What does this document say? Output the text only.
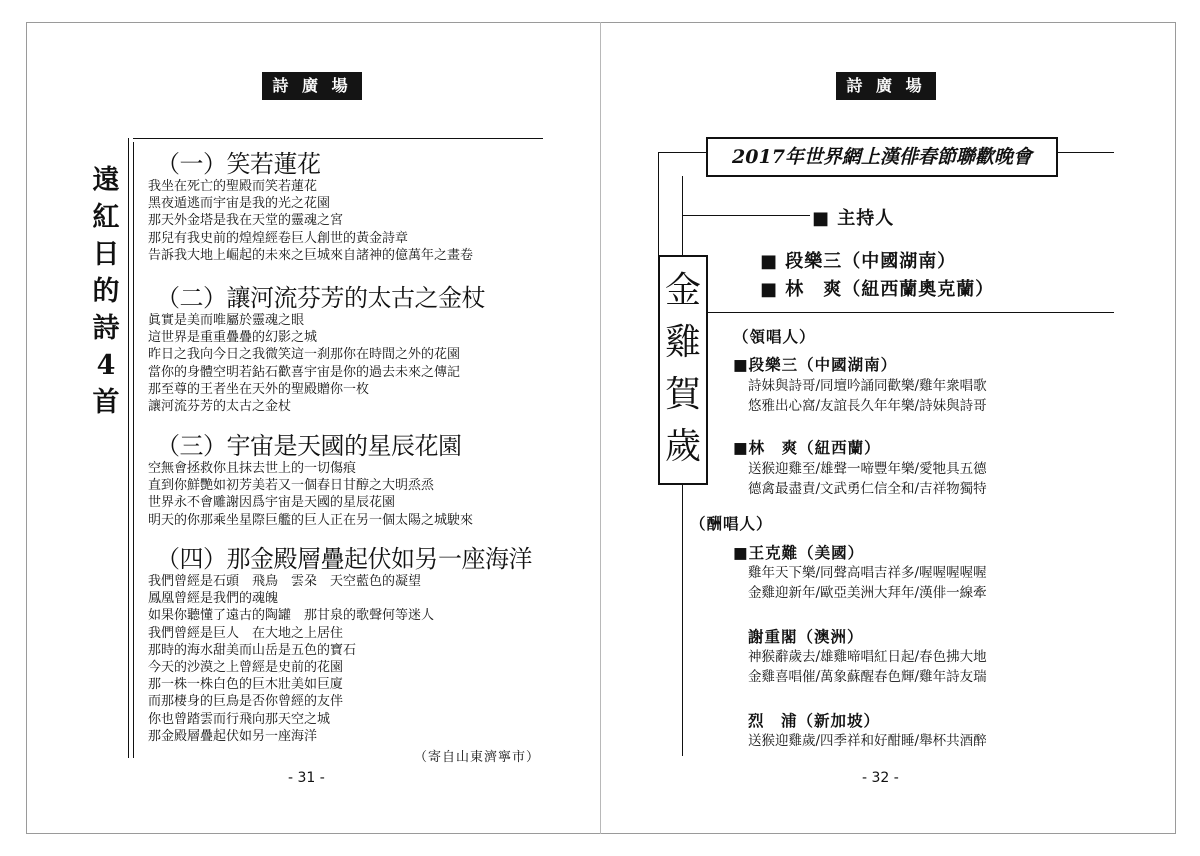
詩 廣 場
遠
紅
日
的
詩
4
首
（一）笑若蓮花
我坐在死亡的聖殿而笑若蓮花
黑夜遁逃而宇宙是我的光之花園
那天外金塔是我在天堂的靈魂之宮
那兒有我史前的煌煌經卷巨人創世的黃金詩章
告訴我大地上崛起的未來之巨城來自諸神的億萬年之畫卷
（二）讓河流芬芳的太古之金杖
眞實是美而唯屬於靈魂之眼
這世界是重重疊疊的幻影之城
昨日之我向今日之我微笑這一刹那你在時間之外的花園
當你的身體空明若鉆石歡喜宇宙是你的過去未來之傳記
那至尊的王者坐在天外的聖殿贈你一枚
讓河流芬芳的太古之金杖
（三）宇宙是天國的星辰花園
空無會拯救你且抹去世上的一切傷痕
直到你鮮艷如初芳美若又一個春日甘醇之大明烝烝
世界永不會雕謝因爲宇宙是天國的星辰花園
明天的你那乘坐星際巨艦的巨人正在另一個太陽之城駛來
（四）那金殿層疊起伏如另一座海洋
我們曾經是石頭　飛鳥　雲朶　天空藍色的凝望
鳳凰曾經是我們的魂魄
如果你聽懂了遠古的陶罐　那甘泉的歌聲何等迷人
我們曾經是巨人　在大地之上居住
那時的海水甜美而山岳是五色的寶石
今天的沙漠之上曾經是史前的花園
那一株一株白色的巨木壯美如巨廈
而那棲身的巨鳥是否你曾經的友伴
你也曾踏雲而行飛向那天空之城
那金殿層疊起伏如另一座海洋
（寄自山東濟寧市）
- 31 -
詩 廣 場
2017年世界網上漢俳春節聯歡晚會
金
雞
賀
歲
■ 主持人
■ 段樂三（中國湖南）
■ 林　爽（紐西蘭奧克蘭）
（領唱人）
■段樂三（中國湖南）
詩妹與詩哥/同壇吟誦同歡樂/雞年衆唱歌
悠雅出心窩/友誼長久年年樂/詩妹與詩哥
■林　爽（紐西蘭）
送猴迎雞至/雄聲一啼豐年樂/愛牠具五德
德禽最盡責/文武勇仁信全和/吉祥物獨特
（酬唱人）
■王克難（美國）
雞年天下樂/同聲高唱吉祥多/喔喔喔喔喔
金雞迎新年/歐亞美洲大拜年/漢俳一線牽
謝重閣（澳洲）
神猴辭歲去/雄雞啼唱紅日起/春色拂大地
金雞喜唱催/萬象蘇醒春色輝/雞年詩友瑞
烈　浦（新加坡）
送猴迎雞歲/四季祥和好酣睡/舉杯共酒醉
- 32 -
